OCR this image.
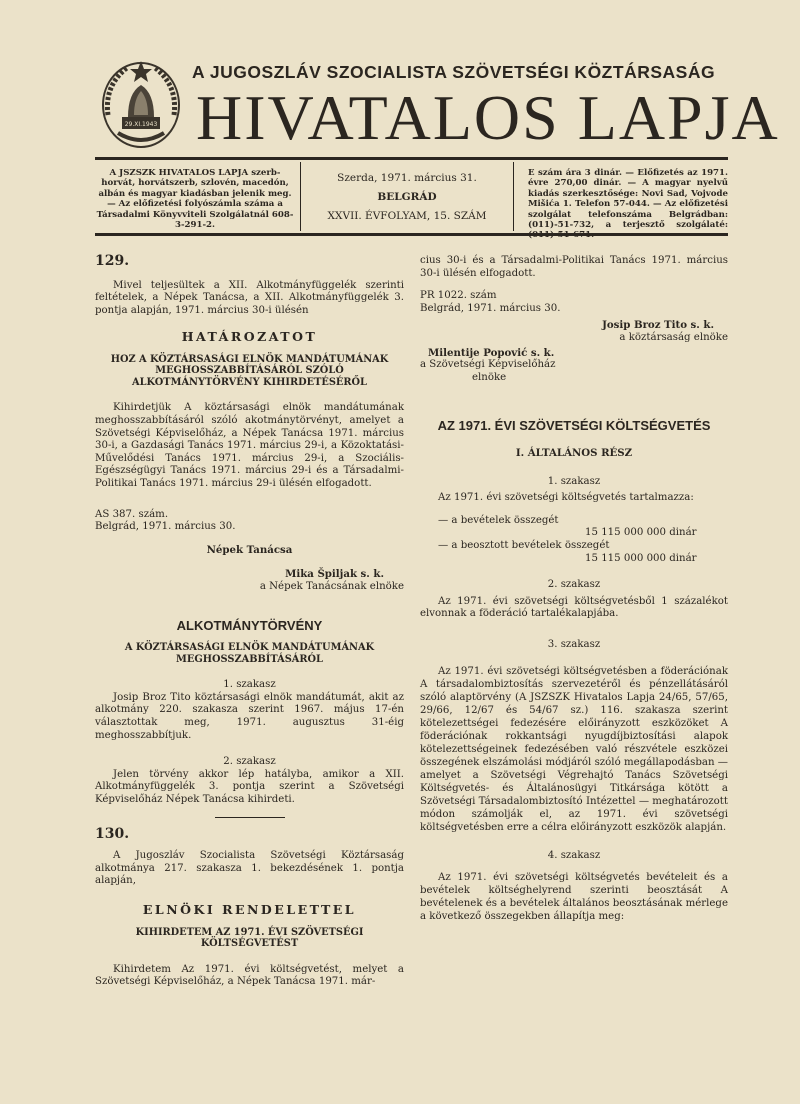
29.XI.1943
A JUGOSZLÁV SZOCIALISTA SZÖVETSÉGI KÖZTÁRSASÁG
HIVATALOS LAPJA
A JSZSZK HIVATALOS LAPJA szerb-horvát, horvátszerb, szlovén, macedón, albán és magyar kiadásban jelenik meg. — Az előfizetési folyószámla száma a Társadalmi Könyvviteli Szolgálatnál 608-3-291-2.
Szerda, 1971. március 31.
BELGRÁD
XXVII. ÉVFOLYAM, 15. SZÁM
E szám ára 3 dinár. — Előfizetés az 1971. évre 270,00 dinár. — A magyar nyelvű kiadás szerkesztősége: Novi Sad, Vojvode Mišića 1. Telefon 57-044. — Az előfizetési szolgálat telefonszáma Belgrádban: (011)-51-732, a terjesztő szolgálaté: (011)-51-671.

129.

Mivel teljesültek a XII. Alkotmányfüggelék szerinti feltételek, a Népek Tanácsa, a XII. Alkotmányfüggelék 3. pontja alapján, 1971. március 30-i ülésén

HATÁROZATOT

HOZ A KÖZTÁRSASÁGI ELNÖK MANDÁTUMÁNAK MEGHOSSZABBÍTÁSÁRÓL SZÓLÓ ALKOTMÁNYTÖRVÉNY KIHIRDETÉSÉRŐL

Kihirdetjük A köztársasági elnök mandátumának meghosszabbításáról szóló akotmánytörvényt, amelyet a Szövetségi Képviselőház, a Népek Tanácsa 1971. március 30-i, a Gazdasági Tanács 1971. március 29-i, a Közoktatási-Művelődési Tanács 1971. március 29-i, a Szociális-Egészségügyi Tanács 1971. március 29-i és a Társadalmi-Politikai Tanács 1971. március 29-i ülésén elfogadott.

AS 387. szám.

Belgrád, 1971. március 30.

Népek Tanácsa

Mika Špiljak s. k.

a Népek Tanácsának elnöke

ALKOTMÁNYTÖRVÉNY

A KÖZTÁRSASÁGI ELNÖK MANDÁTUMÁNAK MEGHOSSZABBÍTÁSÁRÓL

1. szakasz

Josip Broz Tito köztársasági elnök mandátumát, akit az alkotmány 220. szakasza szerint 1967. május 17-én választottak meg, 1971. augusztus 31-éig meghosszabbítjuk.

2. szakasz

Jelen törvény akkor lép hatályba, amikor a XII. Alkotmányfüggelék 3. pontja szerint a Szövetségi Képviselőház Népek Tanácsa kihirdeti.

130.

A Jugoszláv Szocialista Szövetségi Köztársaság alkotmánya 217. szakasza 1. bekezdésének 1. pontja alapján,

ELNÖKI RENDELETTEL

KIHIRDETEM AZ 1971. ÉVI SZÖVETSÉGI KÖLTSÉGVETÉST

Kihirdetem Az 1971. évi költségvetést, melyet a Szövetségi Képviselőház, a Népek Tanácsa 1971. már-

cius 30-i és a Társadalmi-Politikai Tanács 1971. március 30-i ülésén elfogadott.

PR 1022. szám

Belgrád, 1971. március 30.

Josip Broz Tito s. k.

a köztársaság elnöke

Milentije Popović s. k.

a Szövetségi Képviselőház

elnöke

AZ 1971. ÉVI SZÖVETSÉGI KÖLTSÉGVETÉS

I. ÁLTALÁNOS RÉSZ

1. szakasz

Az 1971. évi szövetségi költségvetés tartalmazza:

— a bevételek összegét

15 115 000 000 dinár

— a beosztott bevételek összegét

15 115 000 000 dinár

2. szakasz

Az 1971. évi szövetségi költségvetésből 1 százalékot elvonnak a föderáció tartalékalapjába.

3. szakasz

Az 1971. évi szövetségi költségvetésben a föderációnak A társadalombiztosítás szervezetéről és pénzellátásáról szóló alaptörvény (A JSZSZK Hivatalos Lapja 24/65, 57/65, 29/66, 12/67 és 54/67 sz.) 116. szakasza szerint kötelezettségei fedezésére előirányzott eszközöket A föderációnak rokkantsági nyugdíjbiztosítási alapok kötelezettségeinek fedezésében való részvétele eszközei összegének elszámolási módjáról szóló megállapodásban — amelyet a Szövetségi Végrehajtó Tanács Szövetségi Költségvetés- és Általánosügyi Titkársága kötött a Szövetségi Társadalombiztosító Intézettel — meghatározott módon számolják el, az 1971. évi szövetségi költségvetésben erre a célra előirányzott eszközök alapján.

4. szakasz

Az 1971. évi szövetségi költségvetés bevételeit és a bevételek költséghelyrend szerinti beosztását A bevételenek és a bevételek általános beosztásának mérlege a következő összegekben állapítja meg:
